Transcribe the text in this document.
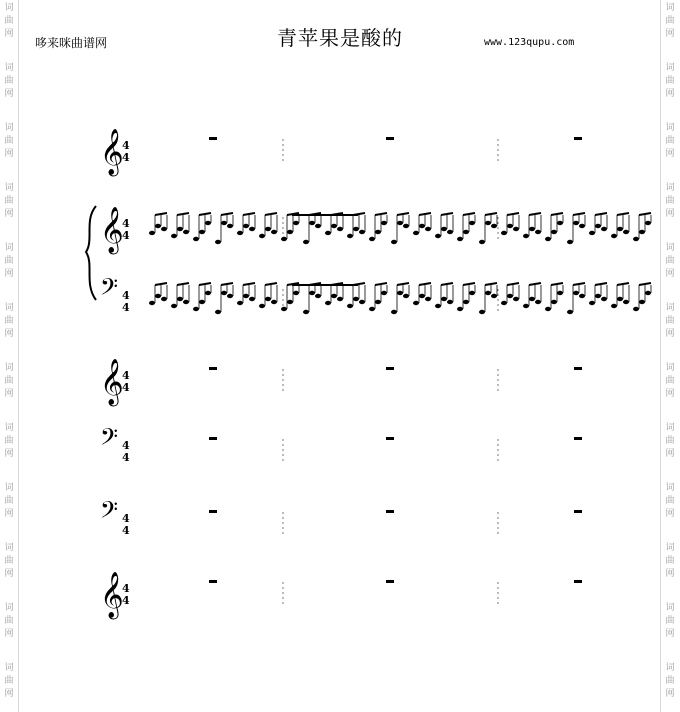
词
曲
网
词
曲
网
词
曲
网
词
曲
网
词
曲
网
词
曲
网
词
曲
网
词
曲
网
词
曲
网
词
曲
网
词
曲
网
词
曲
网
词
曲
网
词
曲
网
词
曲
网
词
曲
网
词
曲
网
词
曲
网
词
曲
网
词
曲
网
词
曲
网
词
曲
网
词
曲
网
词
曲
网
哆来咪曲谱网	青苹果是酸的	www.123qupu.com
𝄞
4
4
𝄞
4
4
𝄢 4
4
𝄞
4
4
𝄢 4
4
𝄢 4
4
𝄞
4
4
